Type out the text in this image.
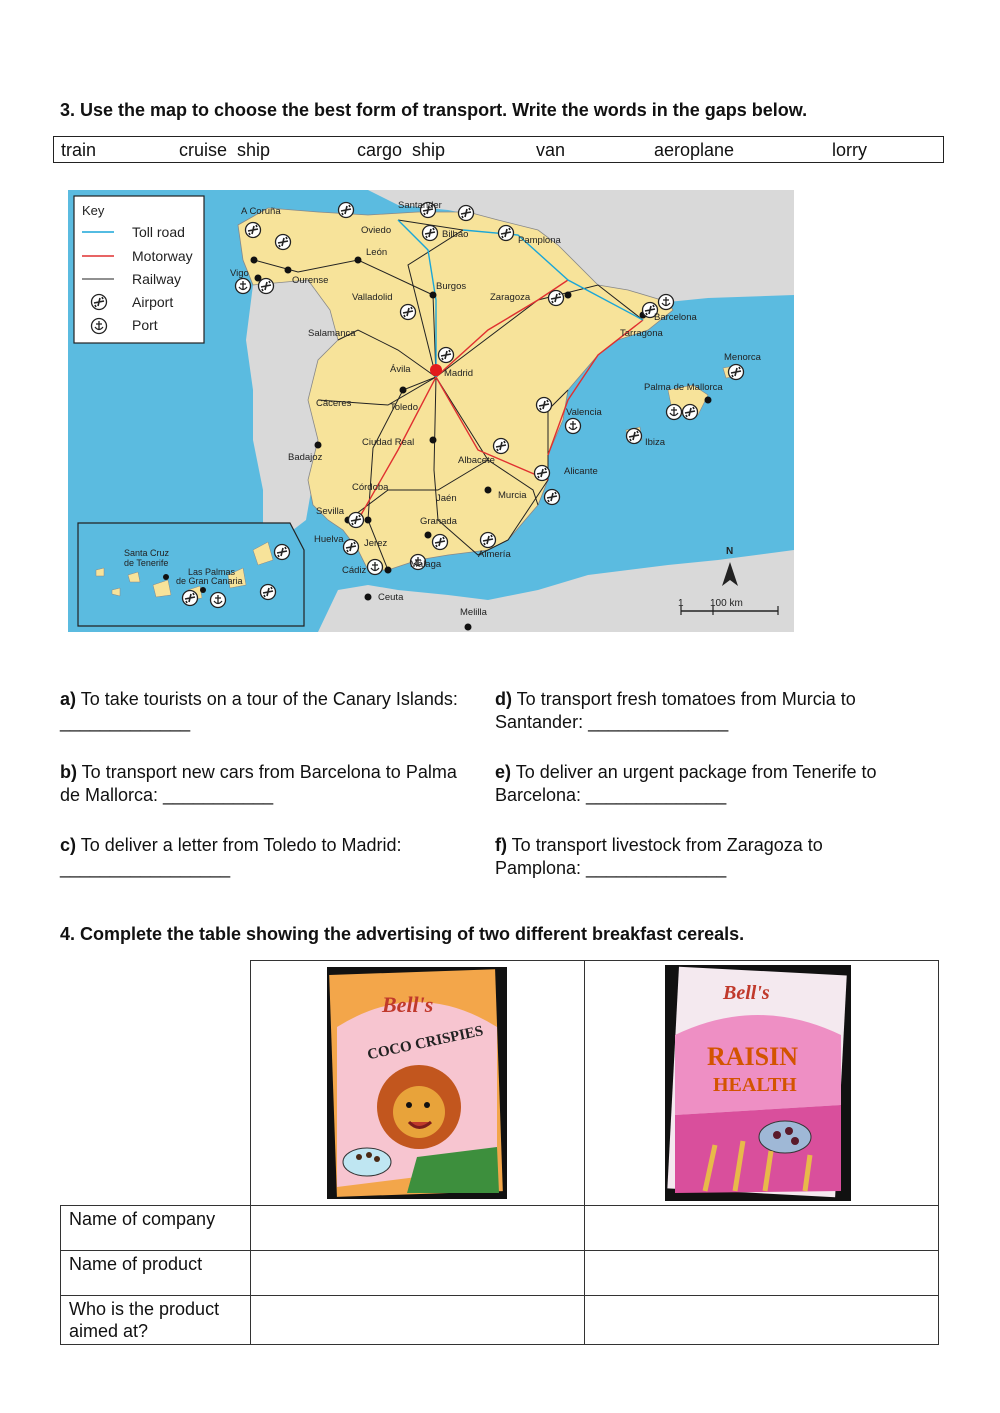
3. Use the map to choose the best form of transport. Write the words in the gaps below.
train	cruise  ship	cargo  ship	van	aeroplane	lorry
A Coruña
Santander
Oviedo	Bilbao
Pamplona
León
Vigo
Ourense
Burgos
Zaragoza
Valladolid
Barcelona
Tarragona
Salamanca
Madrid
Ávila
Menorca
Palma de Mallorca
Cáceres	Toledo	Valencia
Ibiza
Ciudad Real
Badajoz	Albacete
Alicante
Córdoba
Jaén	Murcia
Sevilla
Granada
Huelva Jerez
Almería
Cádiz
Málaga
Ceuta
Melilla
Key
Toll road
Motorway
Railway
Airport
Port
Santa Cruz
de Tenerife
Las Palmas
de Gran Canaria
N
1	100 km
a) To take tourists on a tour of the Canary Islands: _____________
b) To transport new cars from Barcelona to Palma de Mallorca: ___________
c) To deliver a letter from Toledo to Madrid: _________________
d) To transport fresh tomatoes from Murcia to Santander: ______________
e) To deliver an urgent package from Tenerife to Barcelona: ______________
f) To transport livestock from Zaragoza to Pamplona: ______________
4. Complete the table showing the advertising of two different breakfast cereals.

Bell's
COCO CRISPIES	Bell's
RAISIN
HEALTH

Name of company		
Name of product		
Who is the product aimed at?		
